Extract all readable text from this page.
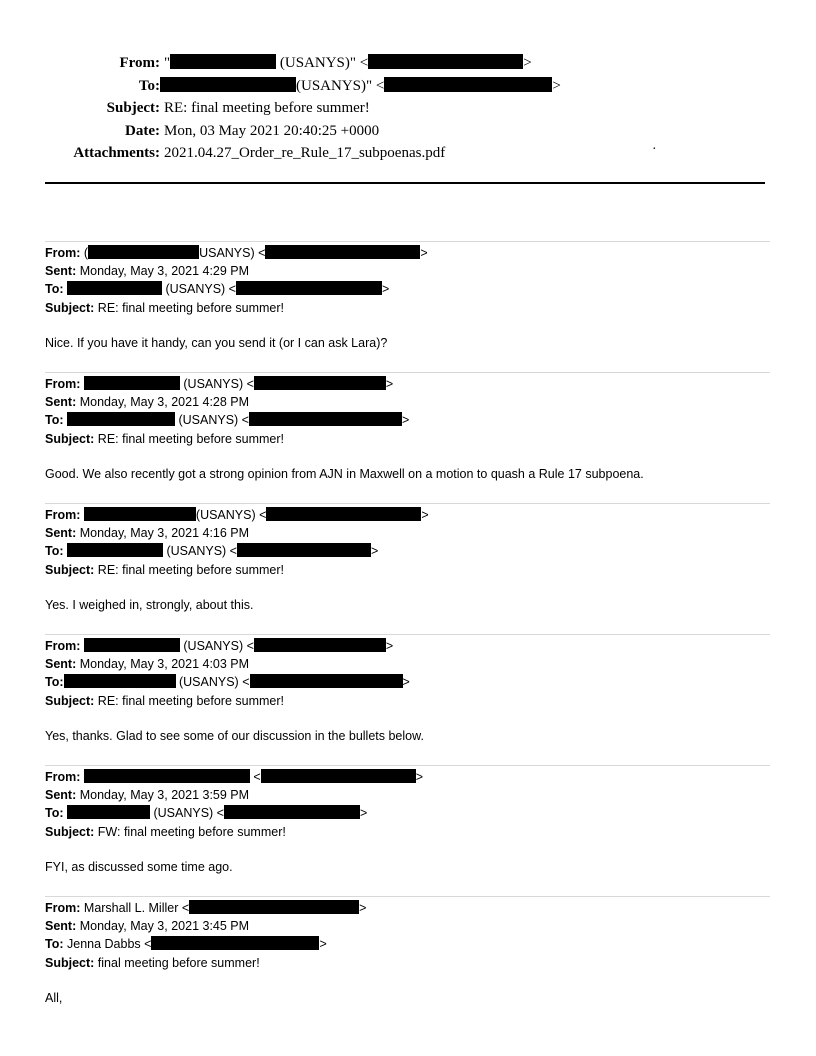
From: "	(USANYS)" <	>
To:	(USANYS)" <	>
Subject: RE: final meeting before summer!
Date: Mon, 03 May 2021 20:40:25 +0000
Attachments: 2021.04.27_Order_re_Rule_17_subpoenas.pdf	·
From: (	USANYS) <	>
Sent: Monday, May 3, 2021 4:29 PM
To:	(USANYS) <	>
Subject: RE: final meeting before summer!
Nice. If you have it handy, can you send it (or I can ask Lara)?
From:	(USANYS) <	>
Sent: Monday, May 3, 2021 4:28 PM
To:	(USANYS) <	>
Subject: RE: final meeting before summer!
Good. We also recently got a strong opinion from AJN in Maxwell on a motion to quash a Rule 17 subpoena.
From:	(USANYS) <	>
Sent: Monday, May 3, 2021 4:16 PM
To:	(USANYS) <	>
Subject: RE: final meeting before summer!
Yes. I weighed in, strongly, about this.
From:	(USANYS) <	>
Sent: Monday, May 3, 2021 4:03 PM
To:	(USANYS) <	>
Subject: RE: final meeting before summer!
Yes, thanks. Glad to see some of our discussion in the bullets below.
From:	<	>
Sent: Monday, May 3, 2021 3:59 PM
To:	(USANYS) <	>
Subject: FW: final meeting before summer!
FYI, as discussed some time ago.
From: Marshall L. Miller <	>
Sent: Monday, May 3, 2021 3:45 PM
To: Jenna Dabbs <	>
Subject: final meeting before summer!
All,
